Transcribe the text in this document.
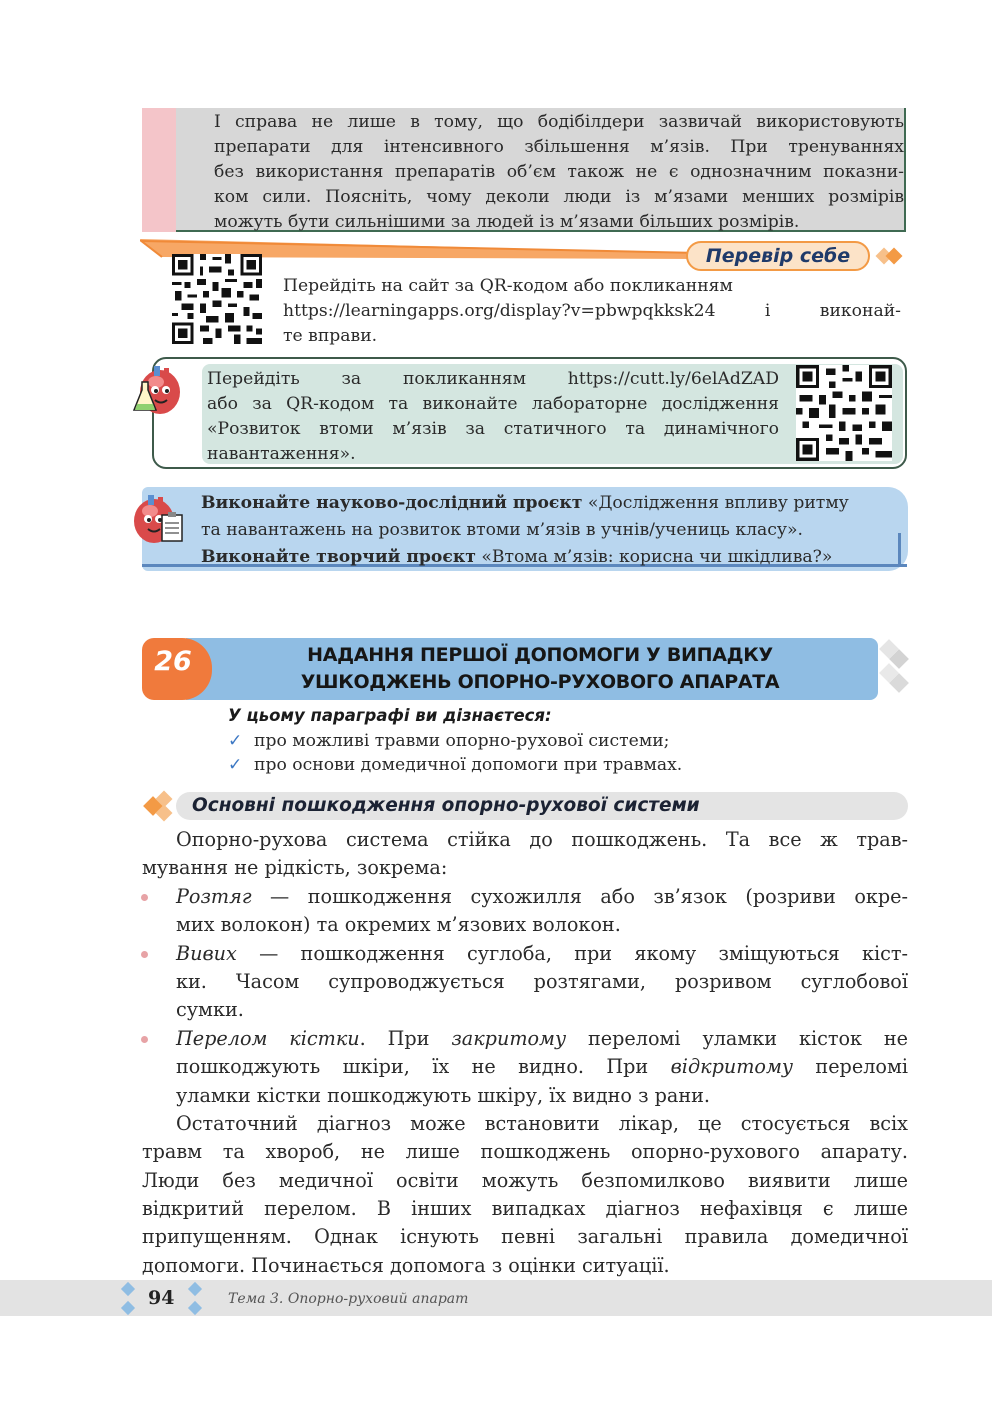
І справа не лише в тому, що бодібілдери зазвичай використовують
препарати для інтенсивного збільшення м’язів. При тренуваннях
без використання препаратів об’єм також не є однозначним показни-
ком сили. Поясніть, чому деколи люди із м’язами менших розмірів
можуть бути сильнішими за людей із м’язами більших розмірів.
Перевір себе
Перейдіть на сайт за QR-кодом або покликанням
https://learningapps.org/display?v=pbwpqkksk24 і виконай-
те вправи.
Перейдіть за покликанням https://cutt.ly/6elAdZAD
або за QR-кодом та виконайте лабораторне дослідження
«Розвиток втоми м’язів за статичного та динамічного
навантаження».
Виконайте науково-дослідний проєкт «Дослідження впливу ритму
та навантажень на розвиток втоми м’язів в учнів/учениць класу».
Виконайте творчий проєкт «Втома м’язів: корисна чи шкідлива?»
26	НАДАННЯ ПЕРШОЇ ДОПОМОГИ У ВИПАДКУ
УШКОДЖЕНЬ ОПОРНО-РУХОВОГО АПАРАТА
У цьому параграфі ви дізнаєтеся:
✓ про можливі травми опорно-рухової системи;
✓ про основи домедичної допомоги при травмах.
Основні пошкодження опорно-рухової системи
Опорно-рухова система стійка до пошкоджень. Та все ж трав-
мування не рідкість, зокрема:
Розтяг — пошкодження сухожилля або зв’язок (розриви окре-
мих волокон) та окремих м’язових волокон.
Вивих — пошкодження суглоба, при якому зміщуються кіст-
ки. Часом супроводжується розтягами, розривом суглобової
сумки.
Перелом кістки. При закритому переломі уламки кісток не
пошкоджують шкіри, їх не видно. При відкритому переломі
уламки кістки пошкоджують шкіру, їх видно з рани.
Остаточний діагноз може встановити лікар, це стосується всіх
травм та хвороб, не лише пошкоджень опорно-рухового апарату.
Люди без медичної освіти можуть безпомилково виявити лише
відкритий перелом. В інших випадках діагноз нефахівця є лише
припущенням. Однак існують певні загальні правила домедичної
допомоги. Починається допомога з оцінки ситуації.
94	Тема 3. Опорно-руховий апарат
